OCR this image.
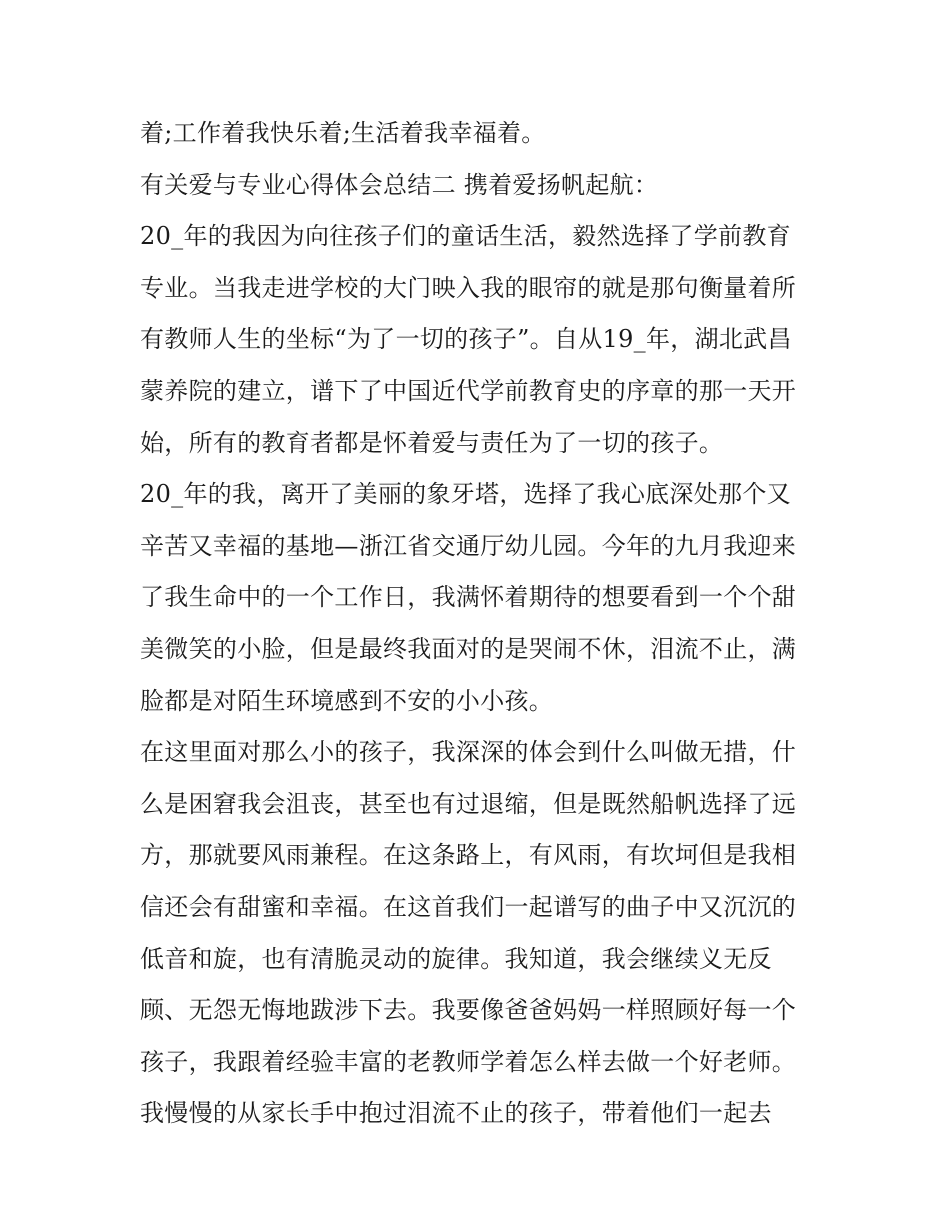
着;工作着我快乐着;生活着我幸福着。
有关爱与专业心得体会总结二 携着爱扬帆起航：
20_年的我因为向往孩子们的童话生活，毅然选择了学前教育
专业。当我走进学校的大门映入我的眼帘的就是那句衡量着所
有教师人生的坐标“为了一切的孩子”。自从19_年，湖北武昌
蒙养院的建立，谱下了中国近代学前教育史的序章的那一天开
始，所有的教育者都是怀着爱与责任为了一切的孩子。
20_年的我，离开了美丽的象牙塔，选择了我心底深处那个又
辛苦又幸福的基地—浙江省交通厅幼儿园。今年的九月我迎来
了我生命中的一个工作日，我满怀着期待的想要看到一个个甜
美微笑的小脸，但是最终我面对的是哭闹不休，泪流不止，满
脸都是对陌生环境感到不安的小小孩。
在这里面对那么小的孩子，我深深的体会到什么叫做无措，什
么是困窘我会沮丧，甚至也有过退缩，但是既然船帆选择了远
方，那就要风雨兼程。在这条路上，有风雨，有坎坷但是我相
信还会有甜蜜和幸福。在这首我们一起谱写的曲子中又沉沉的
低音和旋，也有清脆灵动的旋律。我知道，我会继续义无反
顾、无怨无悔地跋涉下去。我要像爸爸妈妈一样照顾好每一个
孩子，我跟着经验丰富的老教师学着怎么样去做一个好老师。
我慢慢的从家长手中抱过泪流不止的孩子，带着他们一起去
